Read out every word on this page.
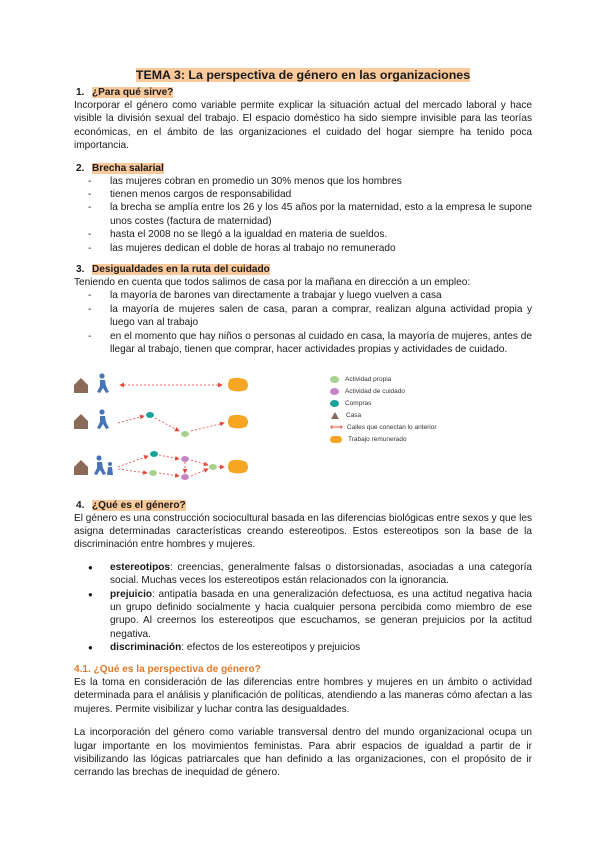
TEMA 3: La perspectiva de género en las organizaciones
1. ¿Para qué sirve?

Incorporar el género como variable permite explicar la situación actual del mercado laboral y hace visible la división sexual del trabajo. El espacio doméstico ha sido siempre invisible para las teorías económicas, en el ámbito de las organizaciones el cuidado del hogar siempre ha tenido poca importancia.

2. Brecha salarial
- las mujeres cobran en promedio un 30% menos que los hombres
- tienen menos cargos de responsabilidad
- la brecha se amplía entre los 26 y los 45 años por la maternidad, esto a la empresa le supone unos costes (factura de maternidad)
- hasta el 2008 no se llegó a la igualdad en materia de sueldos.
- las mujeres dedican el doble de horas al trabajo no remunerado
3. Desigualdades en la ruta del cuidado

Teniendo en cuenta que todos salimos de casa por la mañana en dirección a un empleo:

- la mayoría de barones van directamente a trabajar y luego vuelven a casa
- la mayoría de mujeres salen de casa, paran a comprar, realizan alguna actividad propia y luego van al trabajo
- en el momento que hay niños o personas al cuidado en casa, la mayoría de mujeres, antes de llegar al trabajo, tienen que comprar, hacer actividades propias y actividades de cuidado.
Actividad propia
Actividad de cuidado
Compras
Casa
⟷ Calles que conectan lo anterior
Trabajo remunerado
4. ¿Qué es el género?

El género es una construcción sociocultural basada en las diferencias biológicas entre sexos y que les asigna determinadas características creando estereotipos. Estos estereotipos son la base de la discriminación entre hombres y mujeres.

● estereotipos: creencias, generalmente falsas o distorsionadas, asociadas a una categoría social. Muchas veces los estereotipos están relacionados con la ignorancia.
● prejuicio: antipatía basada en una generalización defectuosa, es una actitud negativa hacia un grupo definido socialmente y hacia cualquier persona percibida como miembro de ese grupo. Al creernos los estereotipos que escuchamos, se generan prejuicios por la actitud negativa.
● discriminación: efectos de los estereotipos y prejuicios
4.1. ¿Qué es la perspectiva de género?

Es la toma en consideración de las diferencias entre hombres y mujeres en un ámbito o actividad determinada para el análisis y planificación de políticas, atendiendo a las maneras cómo afectan a las mujeres. Permite visibilizar y luchar contra las desigualdades.

La incorporación del género como variable transversal dentro del mundo organizacional ocupa un lugar importante en los movimientos feministas. Para abrir espacios de igualdad a partir de ir visibilizando las lógicas patriarcales que han definido a las organizaciones, con el propósito de ir cerrando las brechas de inequidad de género.
